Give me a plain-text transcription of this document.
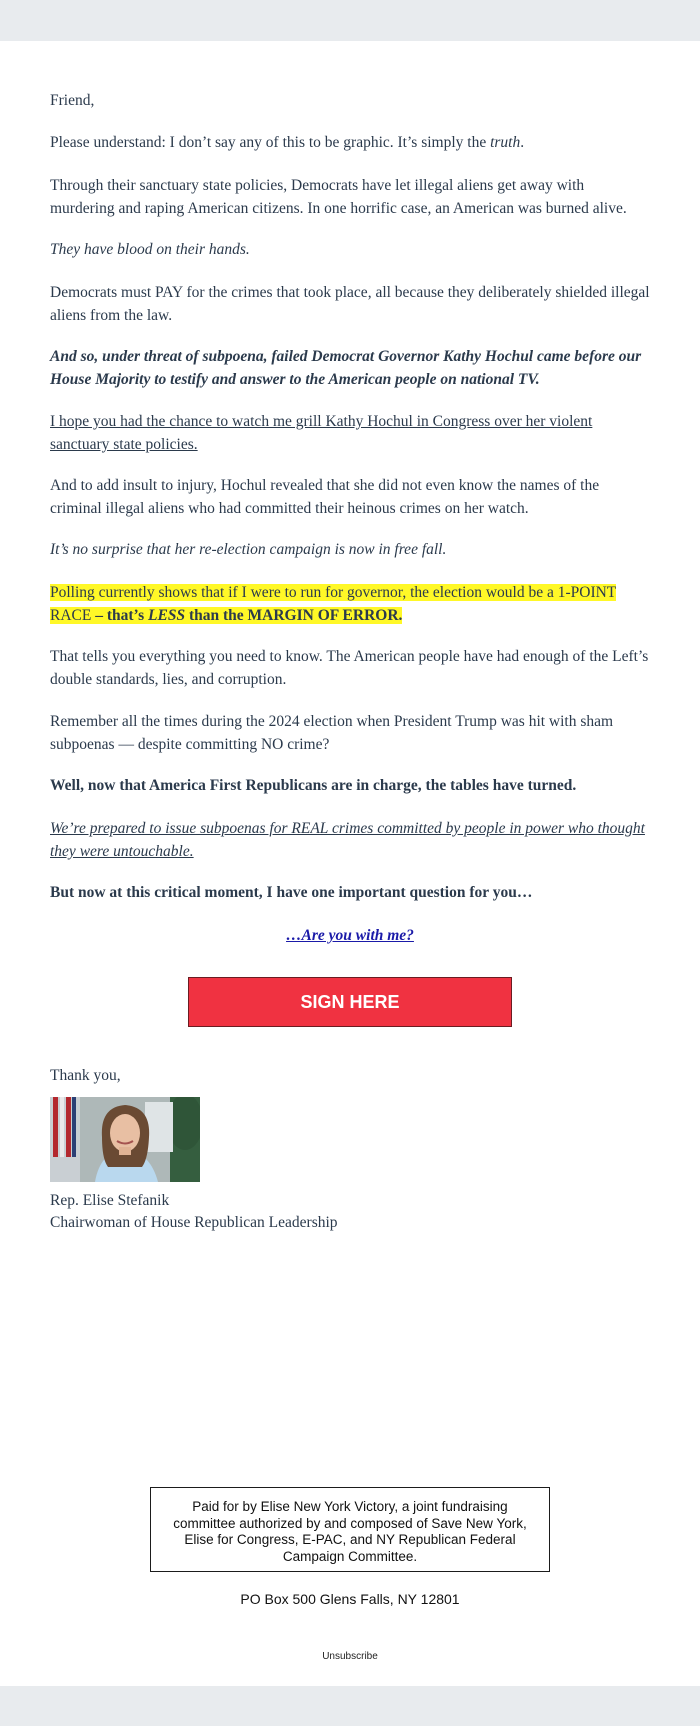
Friend,

Please understand: I don’t say any of this to be graphic. It’s simply the truth.

Through their sanctuary state policies, Democrats have let illegal aliens get away with murdering and raping American citizens. In one horrific case, an American was burned alive.

They have blood on their hands.

Democrats must PAY for the crimes that took place, all because they deliberately shielded illegal aliens from the law.

And so, under threat of subpoena, failed Democrat Governor Kathy Hochul came before our House Majority to testify and answer to the American people on national TV.

I hope you had the chance to watch me grill Kathy Hochul in Congress over her violent sanctuary state policies.

And to add insult to injury, Hochul revealed that she did not even know the names of the criminal illegal aliens who had committed their heinous crimes on her watch.

It’s no surprise that her re-election campaign is now in free fall.

Polling currently shows that if I were to run for governor, the election would be a 1-POINT RACE – that’s LESS than the MARGIN OF ERROR.

That tells you everything you need to know. The American people have had enough of the Left’s double standards, lies, and corruption.

Remember all the times during the 2024 election when President Trump was hit with sham subpoenas — despite committing NO crime?

Well, now that America First Republicans are in charge, the tables have turned.

We’re prepared to issue subpoenas for REAL crimes committed by people in power who thought they were untouchable.

But now at this critical moment, I have one important question for you…

…Are you with me?

SIGN HERE
Thank you,
Rep. Elise Stefanik
Chairwoman of House Republican Leadership
Paid for by Elise New York Victory, a joint fundraising committee authorized by and composed of Save New York, Elise for Congress, E-PAC, and NY Republican Federal Campaign Committee.
PO Box 500 Glens Falls, NY 12801
Unsubscribe
